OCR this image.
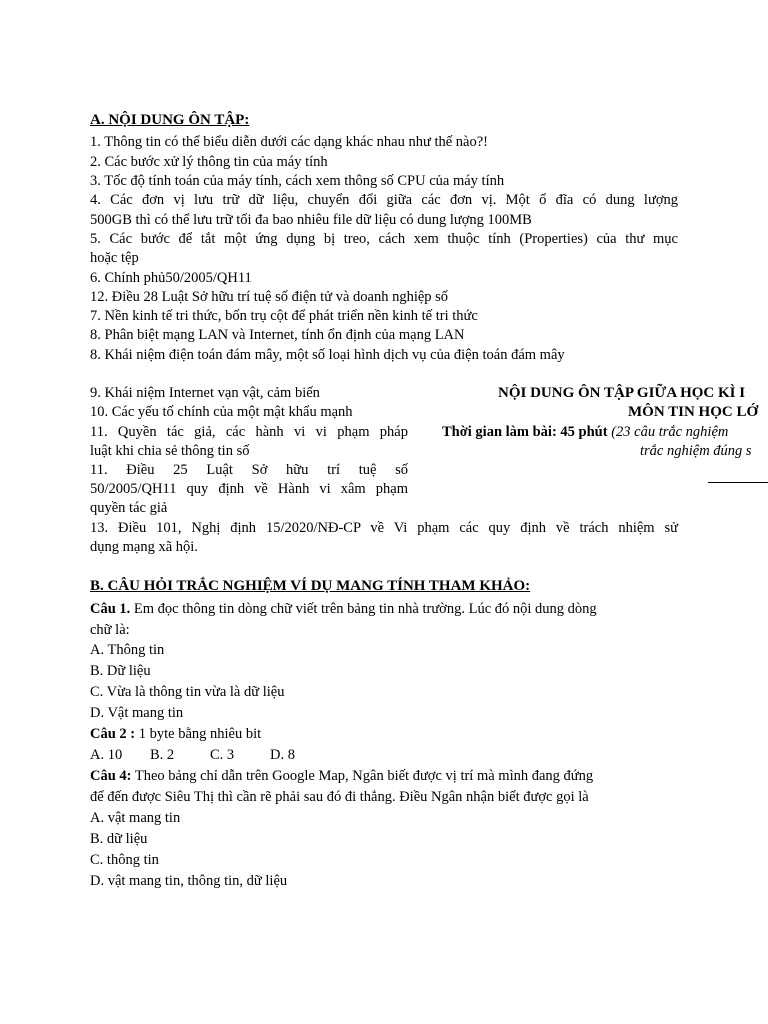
A. NỘI DUNG ÔN TẬP:
1. Thông tin có thể biểu diễn dưới các dạng khác nhau như thế nào?!
2. Các bước xử lý thông tin của máy tính
3. Tốc độ tính toán của máy tính, cách xem thông số CPU của máy tính
4. Các đơn vị lưu trữ dữ liệu, chuyển đổi giữa các đơn vị. Một ổ đĩa có dung lượng
500GB thì có thể lưu trữ tối đa bao nhiêu file dữ liệu có dung lượng 100MB
5. Các bước để tắt một ứng dụng bị treo, cách xem thuộc tính (Properties) của thư mục
hoặc tệp
6. Chính phủ50/2005/QH11
12. Điều 28 Luật Sở hữu trí tuệ số điện tử và doanh nghiệp số
7. Nền kinh tế tri thức, bốn trụ cột để phát triển nền kinh tế tri thức
8. Phân biệt mạng LAN và Internet, tính ổn định của mạng LAN
8. Khái niệm điện toán đám mây, một số loại hình dịch vụ của điện toán đám mây
9. Khái niệm Internet vạn vật, cảm biến
10. Các yếu tố chính của một mật khẩu mạnh
11. Quyền tác giả, các hành vi vi phạm pháp
luật khi chia sẻ thông tin số
11. Điều 25 Luật Sở hữu trí tuệ số
50/2005/QH11 quy định về Hành vi xâm phạm
quyền tác giả
NỘI DUNG ÔN TẬP GIỮA HỌC KÌ I
MÔN TIN HỌC LỚ
Thời gian làm bài: 45 phút (23 câu trắc nghiệm
trắc nghiệm đúng s
13. Điều 101, Nghị định 15/2020/NĐ-CP về Vi phạm các quy định về trách nhiệm sử
dụng mạng xã hội.
B. CÂU HỎI TRẮC NGHIỆM VÍ DỤ MANG TÍNH THAM KHẢO:
Câu 1. Em đọc thông tin dòng chữ viết trên bảng tin nhà trường. Lúc đó nội dung dòng
chữ là:
A. Thông tin
B. Dữ liệu
C. Vừa là thông tin vừa là dữ liệu
D. Vật mang tin
Câu 2 : 1 byte bằng nhiêu bit
A. 10 B. 2 C. 3 D. 8
Câu 4: Theo bảng chỉ dẫn trên Google Map, Ngân biết được vị trí mà mình đang đứng
để đến được Siêu Thị thì cần rẽ phải sau đó đi thẳng. Điều Ngân nhận biết được gọi là
A. vật mang tin
B. dữ liệu
C. thông tin
D. vật mang tin, thông tin, dữ liệu
